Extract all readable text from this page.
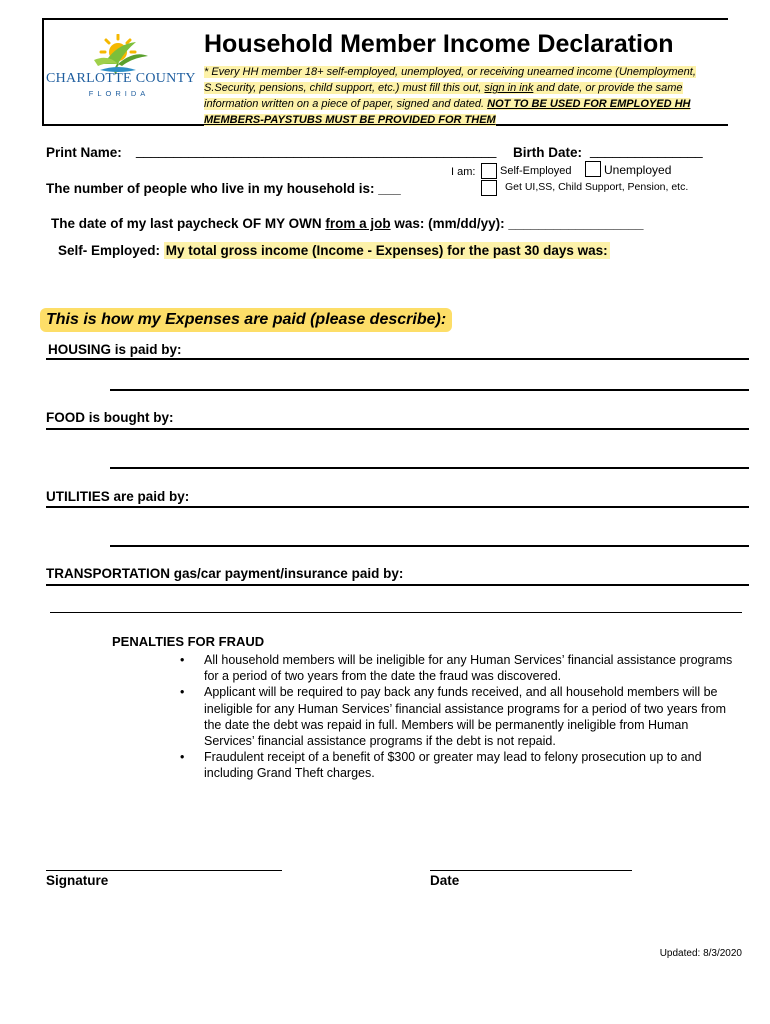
CHARLOTTE COUNTY
FLORIDA
Household Member Income Declaration
* Every HH member 18+ self-employed, unemployed, or receiving unearned income (Unemployment, S.Security, pensions, child support, etc.) must fill this out, sign in ink and date, or provide the same information written on a piece of paper, signed and dated. NOT TO BE USED FOR EMPLOYED HH MEMBERS-PAYSTUBS MUST BE PROVIDED FOR THEM
Print Name: ________________________________________________ Birth Date: _______________
I am: Self-Employed	Unemployed
The number of people who live in my household is: ___	Get UI,SS, Child Support, Pension, etc.
The date of my last paycheck OF MY OWN from a job was: (mm/dd/yy): __________________
Self- Employed: My total gross income (Income - Expenses) for the past 30 days was:
This is how my Expenses are paid (please describe):
HOUSING is paid by:
FOOD is bought by:
UTILITIES are paid by:
TRANSPORTATION gas/car payment/insurance paid by:
PENALTIES FOR FRAUD
• All household members will be ineligible for any Human Services’ financial assistance programs for a period of two years from the date the fraud was discovered.
• Applicant will be required to pay back any funds received, and all household members will be ineligible for any Human Services’ financial assistance programs for a period of two years from the date the debt was repaid in full. Members will be permanently ineligible from Human Services’ financial assistance programs if the debt is not repaid.
• Fraudulent receipt of a benefit of $300 or greater may lead to felony prosecution up to and including Grand Theft charges.
Signature	Date
Updated: 8/3/2020
